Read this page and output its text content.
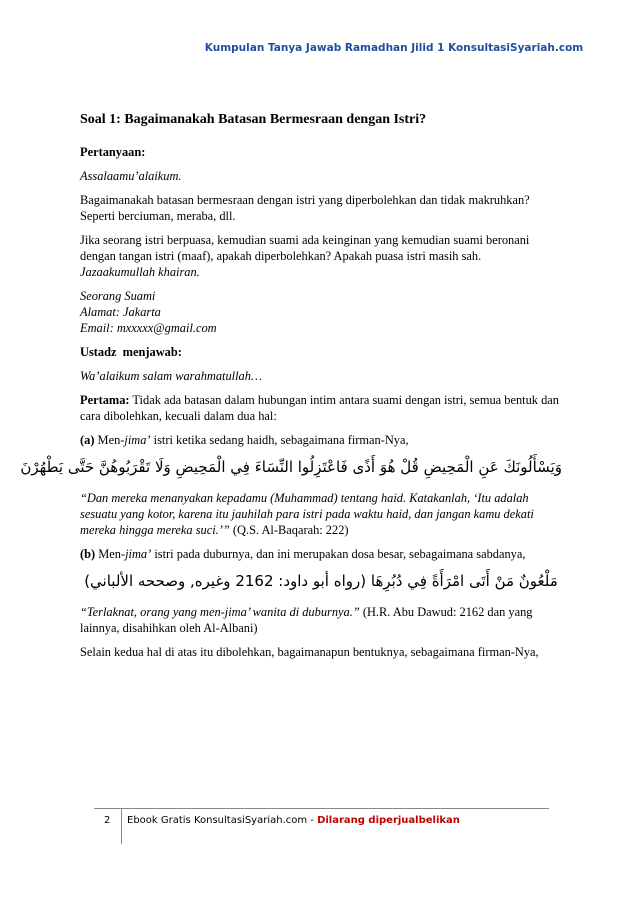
Kumpulan Tanya Jawab Ramadhan Jilid 1 KonsultasiSyariah.com

Soal 1: Bagaimanakah Batasan Bermesraan dengan Istri?

Pertanyaan:

Assalaamu’alaikum.

Bagaimanakah batasan bermesraan dengan istri yang diperbolehkan dan tidak makruhkan? Seperti berciuman, meraba, dll.

Jika seorang istri berpuasa, kemudian suami ada keinginan yang kemudian suami beronani dengan tangan istri (maaf), apakah diperbolehkan? Apakah puasa istri masih sah.
Jazaakumullah khairan.

Seorang Suami
Alamat: Jakarta
Email: mxxxxx@gmail.com

Ustadz  menjawab:

Wa’alaikum salam warahmatullah…

Pertama: Tidak ada batasan dalam hubungan intim antara suami dengan istri, semua bentuk dan cara dibolehkan, kecuali dalam dua hal:

(a) Men-jima’ istri ketika sedang haidh, sebagaimana firman-Nya,

وَيَسْأَلُونَكَ عَنِ الْمَحِيضِ قُلْ هُوَ أَذًى فَاعْتَزِلُوا النِّسَاءَ فِي الْمَحِيضِ وَلَا تَقْرَبُوهُنَّ حَتَّى يَطْهُرْنَ

“Dan mereka menanyakan kepadamu (Muhammad) tentang haid. Katakanlah, ‘Itu adalah sesuatu yang kotor, karena itu jauhilah para istri pada waktu haid, dan jangan kamu dekati mereka hingga mereka suci.’” (Q.S. Al-Baqarah: 222)

(b) Men-jima’ istri pada duburnya, dan ini merupakan dosa besar, sebagaimana sabdanya,

مَلْعُونٌ مَنْ أَتَى امْرَأَةً فِي دُبُرِهَا (رواه أبو داود: 2162 وغيره, وصححه الألباني)

“Terlaknat, orang yang men-jima’ wanita di duburnya.” (H.R. Abu Dawud: 2162 dan yang lainnya, disahihkan oleh Al-Albani)

Selain kedua hal di atas itu dibolehkan, bagaimanapun bentuknya, sebagaimana firman-Nya,

2 Ebook Gratis KonsultasiSyariah.com - Dilarang diperjualbelikan
